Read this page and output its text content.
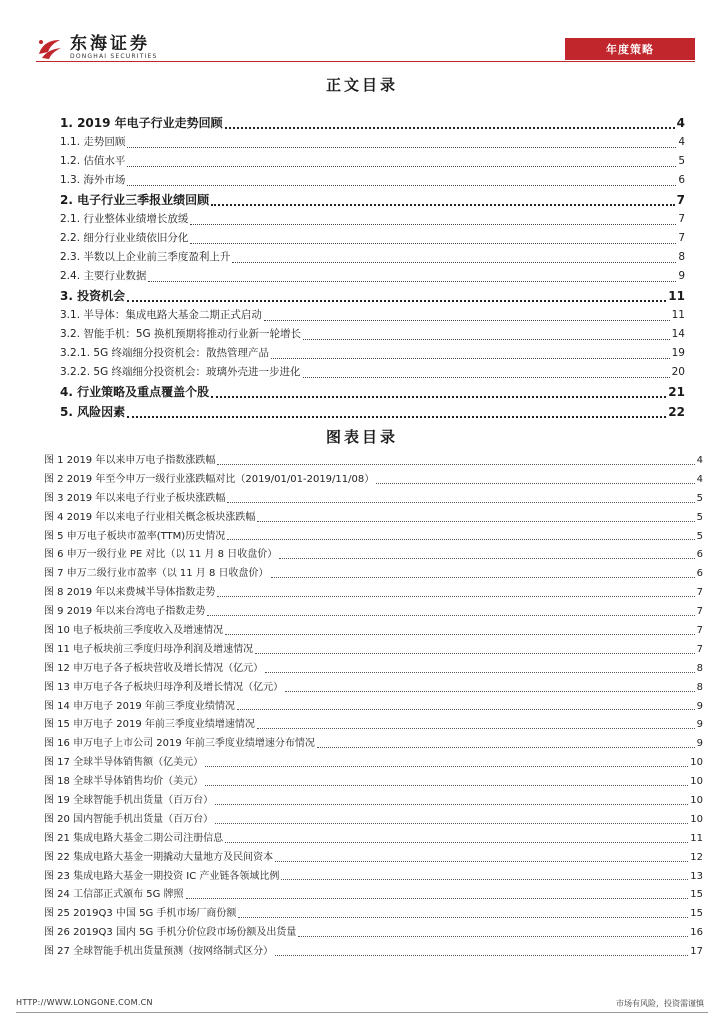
东海证券
DONGHAI SECURITIES
年度策略
正文目录
1. 2019 年电子行业走势回顾	4
1.1. 走势回顾	4
1.2. 估值水平	5
1.3. 海外市场	6
2. 电子行业三季报业绩回顾	7
2.1. 行业整体业绩增长放缓	7
2.2. 细分行业业绩依旧分化	7
2.3. 半数以上企业前三季度盈利上升	8
2.4. 主要行业数据	9
3. 投资机会	11
3.1. 半导体：集成电路大基金二期正式启动	11
3.2. 智能手机：5G 换机预期将推动行业新一轮增长	14
3.2.1. 5G 终端细分投资机会：散热管理产品	19
3.2.2. 5G 终端细分投资机会：玻璃外壳进一步进化	20
4. 行业策略及重点覆盖个股	21
5. 风险因素	22
图表目录
图 1 2019 年以来申万电子指数涨跌幅	4
图 2 2019 年至今申万一级行业涨跌幅对比（2019/01/01-2019/11/08）	4
图 3 2019 年以来电子行业子板块涨跌幅	5
图 4 2019 年以来电子行业相关概念板块涨跌幅	5
图 5 申万电子板块市盈率(TTM)历史情况	5
图 6 申万一级行业 PE 对比（以 11 月 8 日收盘价）	6
图 7 申万二级行业市盈率（以 11 月 8 日收盘价）	6
图 8 2019 年以来费城半导体指数走势	7
图 9 2019 年以来台湾电子指数走势	7
图 10 电子板块前三季度收入及增速情况	7
图 11 电子板块前三季度归母净利润及增速情况	7
图 12 申万电子各子板块营收及增长情况（亿元）	8
图 13 申万电子各子板块归母净利及增长情况（亿元）	8
图 14 申万电子 2019 年前三季度业绩情况	9
图 15 申万电子 2019 年前三季度业绩增速情况	9
图 16 申万电子上市公司 2019 年前三季度业绩增速分布情况	9
图 17 全球半导体销售额（亿美元）	10
图 18 全球半导体销售均价（美元）	10
图 19 全球智能手机出货量（百万台）	10
图 20 国内智能手机出货量（百万台）	10
图 21 集成电路大基金二期公司注册信息	11
图 22 集成电路大基金一期撬动大量地方及民间资本	12
图 23 集成电路大基金一期投资 IC 产业链各领域比例	13
图 24 工信部正式颁布 5G 牌照	15
图 25 2019Q3 中国 5G 手机市场厂商份额	15
图 26 2019Q3 国内 5G 手机分价位段市场份额及出货量	16
图 27 全球智能手机出货量预测（按网络制式区分）	17
HTTP://WWW.LONGONE.COM.CN	市场有风险，投资需谨慎
